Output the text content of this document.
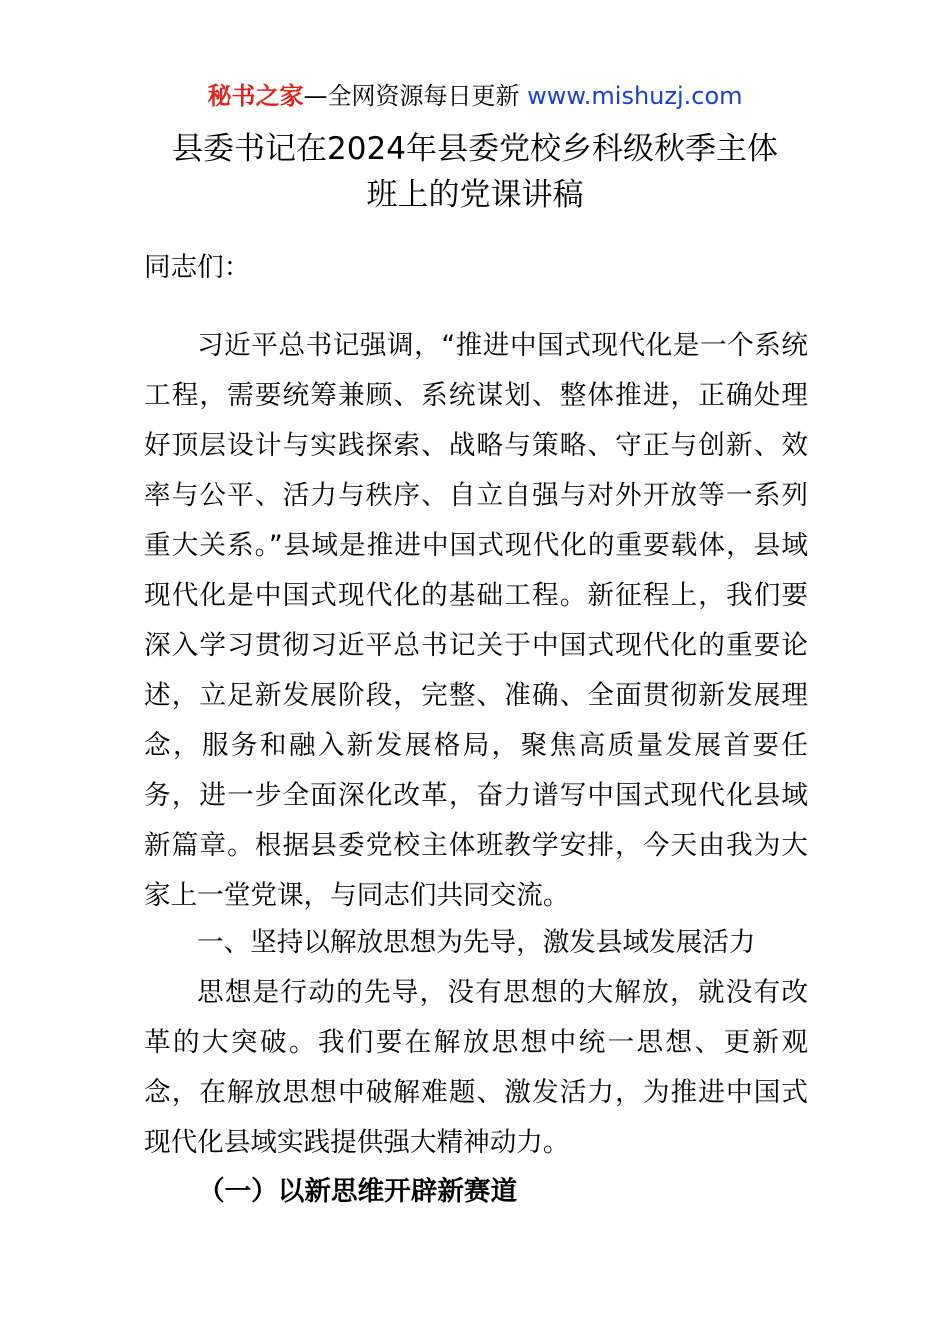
秘书之家—全网资源每日更新 www.mishuzj.com
县委书记在2024年县委党校乡科级秋季主体
班上的党课讲稿

同志们：

习近平总书记强调，“推进中国式现代化是一个系统工程，需要统筹兼顾、系统谋划、整体推进，正确处理好顶层设计与实践探索、战略与策略、守正与创新、效率与公平、活力与秩序、自立自强与对外开放等一系列重大关系。”县域是推进中国式现代化的重要载体，县域现代化是中国式现代化的基础工程。新征程上，我们要深入学习贯彻习近平总书记关于中国式现代化的重要论述，立足新发展阶段，完整、准确、全面贯彻新发展理念，服务和融入新发展格局，聚焦高质量发展首要任务，进一步全面深化改革，奋力谱写中国式现代化县域新篇章。根据县委党校主体班教学安排，今天由我为大家上一堂党课，与同志们共同交流。

一、坚持以解放思想为先导，激发县域发展活力

思想是行动的先导，没有思想的大解放，就没有改革的大突破。我们要在解放思想中统一思想、更新观念，在解放思想中破解难题、激发活力，为推进中国式现代化县域实践提供强大精神动力。

（一）以新思维开辟新赛道
